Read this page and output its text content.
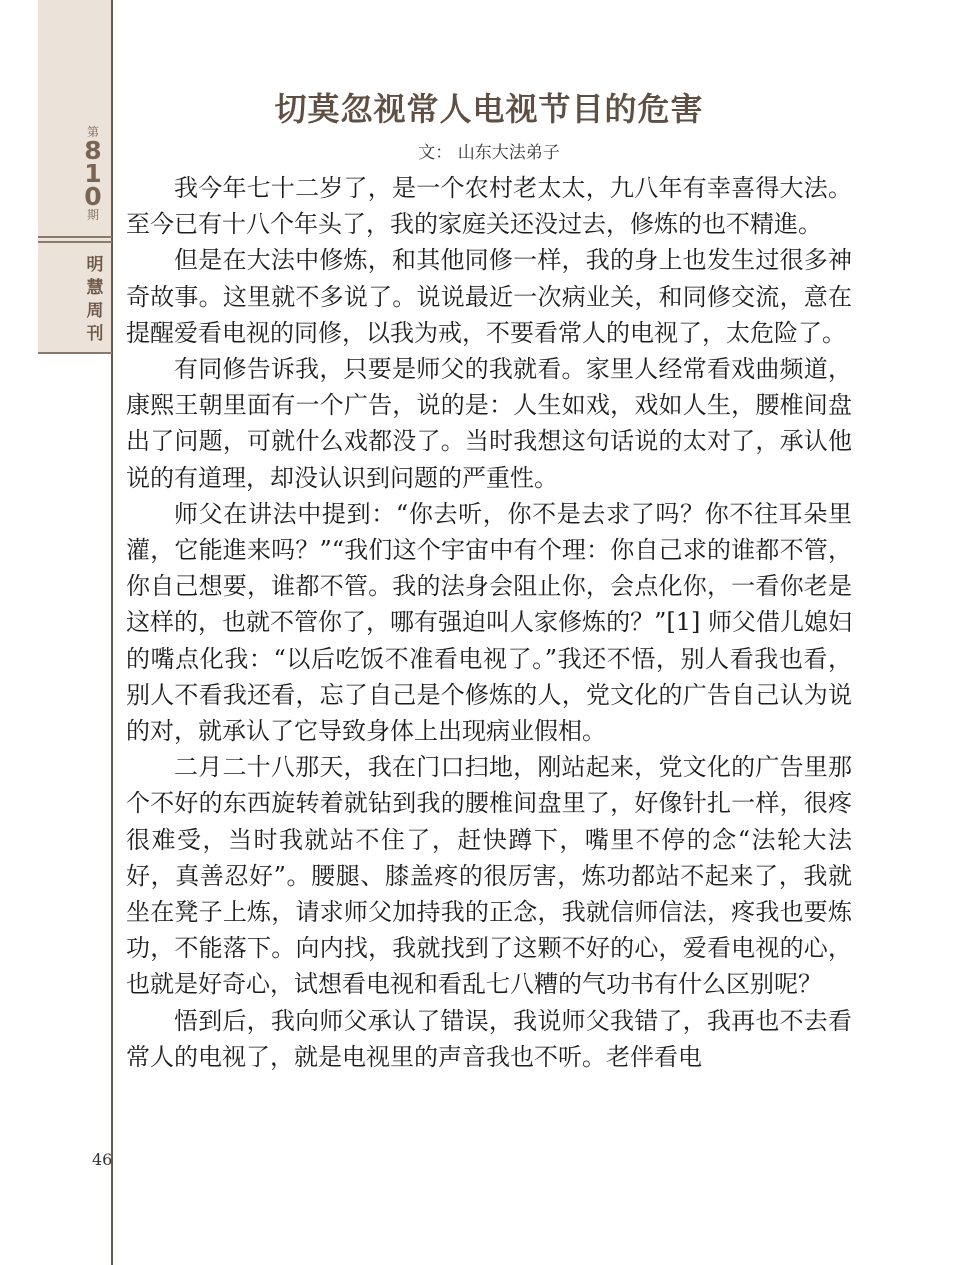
第
8
1
0
期
明
慧
周
刊
46
切莫忽视常人电视节目的危害
文： 山东大法弟子

我今年七十二岁了，是一个农村老太太，九八年有幸喜得大法。至今已有十八个年头了，我的家庭关还没过去，修炼的也不精進。

但是在大法中修炼，和其他同修一样，我的身上也发生过很多神奇故事。这里就不多说了。说说最近一次病业关，和同修交流，意在提醒爱看电视的同修，以我为戒，不要看常人的电视了，太危险了。

有同修告诉我，只要是师父的我就看。家里人经常看戏曲频道，康熙王朝里面有一个广告，说的是：人生如戏，戏如人生，腰椎间盘出了问题，可就什么戏都没了。当时我想这句话说的太对了，承认他说的有道理，却没认识到问题的严重性。

师父在讲法中提到：“你去听，你不是去求了吗？你不往耳朵里灌，它能進来吗？”“我们这个宇宙中有个理：你自己求的谁都不管，你自己想要，谁都不管。我的法身会阻止你，会点化你，一看你老是这样的，也就不管你了，哪有强迫叫人家修炼的？”[1] 师父借儿媳妇的嘴点化我：“以后吃饭不准看电视了。”我还不悟，别人看我也看，别人不看我还看，忘了自己是个修炼的人，党文化的广告自己认为说的对，就承认了它导致身体上出现病业假相。

二月二十八那天，我在门口扫地，刚站起来，党文化的广告里那个不好的东西旋转着就钻到我的腰椎间盘里了，好像针扎一样，很疼很难受，当时我就站不住了，赶快蹲下，嘴里不停的念“法轮大法好，真善忍好”。腰腿、膝盖疼的很厉害，炼功都站不起来了，我就坐在凳子上炼，请求师父加持我的正念，我就信师信法，疼我也要炼功，不能落下。向内找，我就找到了这颗不好的心，爱看电视的心，也就是好奇心，试想看电视和看乱七八糟的气功书有什么区别呢？

悟到后，我向师父承认了错误，我说师父我错了，我再也不去看常人的电视了，就是电视里的声音我也不听。老伴看电
